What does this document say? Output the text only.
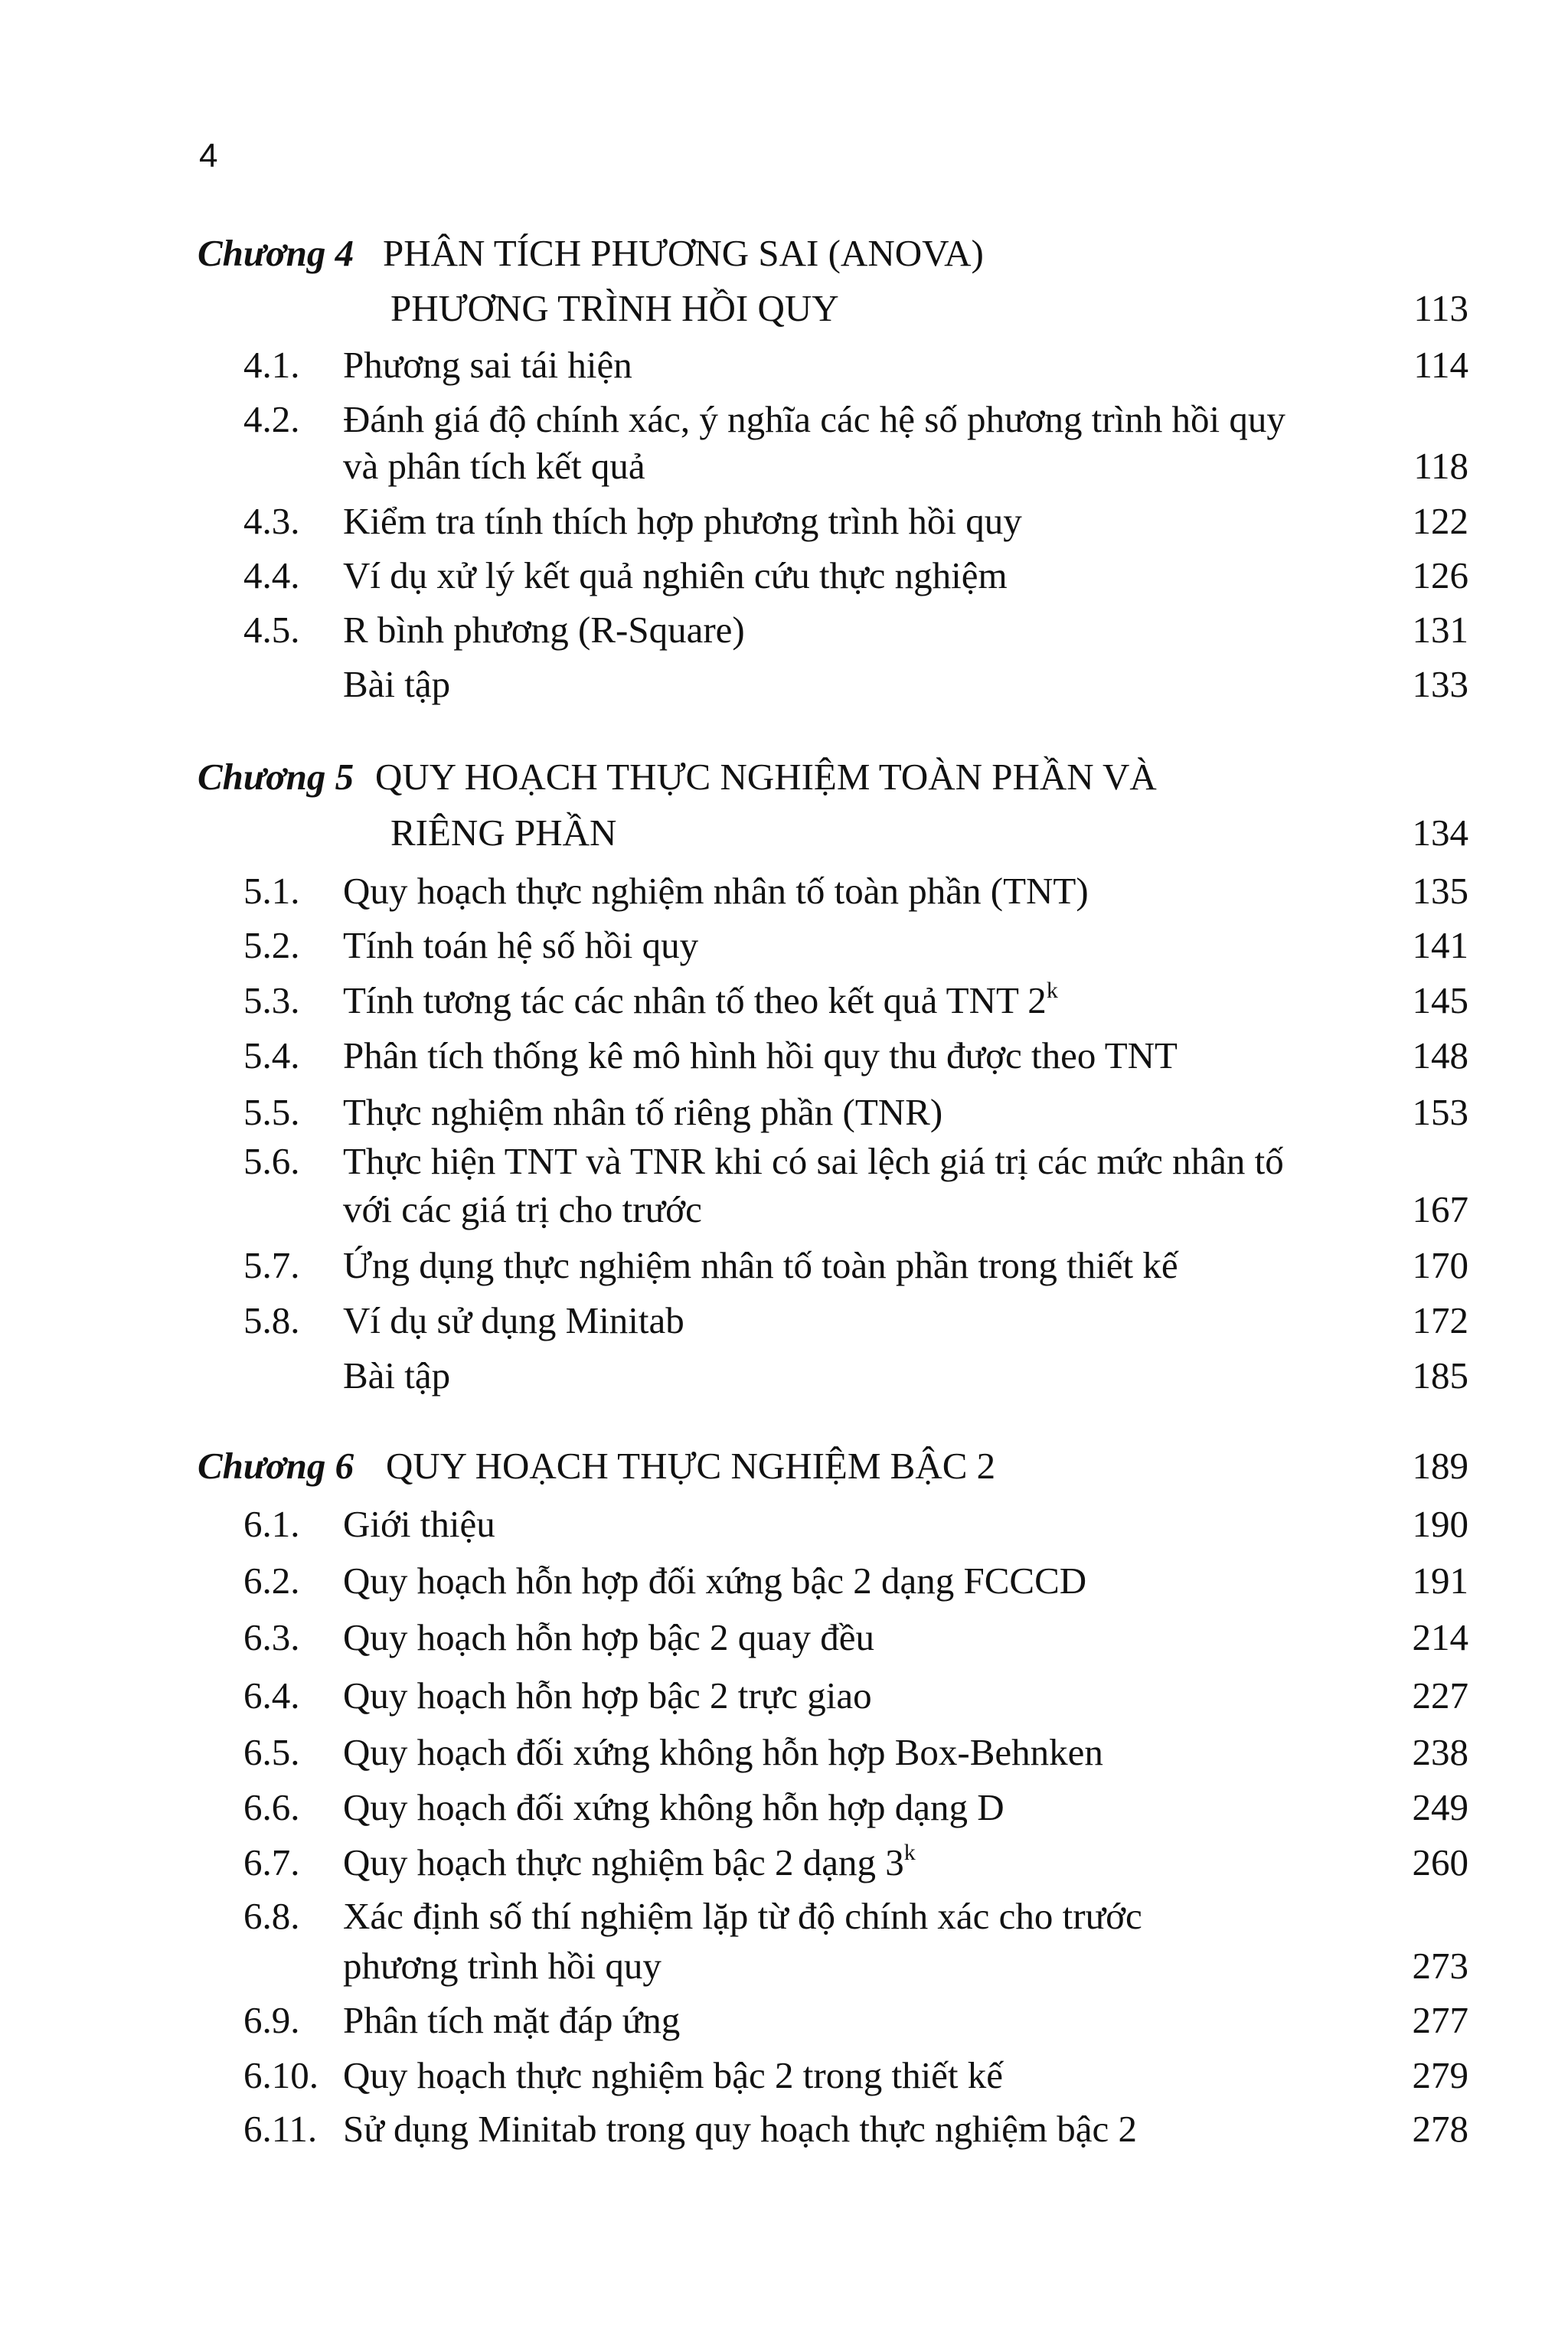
4
Chương 4 PHÂN TÍCH PHƯƠNG SAI (ANOVA)
PHƯƠNG TRÌNH HỒI QUY	113
4.1. Phương sai tái hiện	114
4.2. Đánh giá độ chính xác, ý nghĩa các hệ số phương trình hồi quy
và phân tích kết quả	118
4.3. Kiểm tra tính thích hợp phương trình hồi quy	122
4.4. Ví dụ xử lý kết quả nghiên cứu thực nghiệm	126
4.5. R bình phương (R-Square)	131
Bài tập	133
Chương 5 QUY HOẠCH THỰC NGHIỆM TOÀN PHẦN VÀ
RIÊNG PHẦN	134
5.1. Quy hoạch thực nghiệm nhân tố toàn phần (TNT)	135
5.2. Tính toán hệ số hồi quy	141
5.3. Tính tương tác các nhân tố theo kết quả TNT 2$^k$	145
5.4. Phân tích thống kê mô hình hồi quy thu được theo TNT	148
5.5. Thực nghiệm nhân tố riêng phần (TNR)	153
5.6. Thực hiện TNT và TNR khi có sai lệch giá trị các mức nhân tố
với các giá trị cho trước	167
5.7. Ứng dụng thực nghiệm nhân tố toàn phần trong thiết kế	170
5.8. Ví dụ sử dụng Minitab	172
Bài tập	185
Chương 6 QUY HOẠCH THỰC NGHIỆM BẬC 2	189
6.1. Giới thiệu	190
6.2. Quy hoạch hỗn hợp đối xứng bậc 2 dạng FCCCD	191
6.3. Quy hoạch hỗn hợp bậc 2 quay đều	214
6.4. Quy hoạch hỗn hợp bậc 2 trực giao	227
6.5. Quy hoạch đối xứng không hỗn hợp Box-Behnken	238
6.6. Quy hoạch đối xứng không hỗn hợp dạng D	249
6.7. Quy hoạch thực nghiệm bậc 2 dạng 3$^k$	260
6.8. Xác định số thí nghiệm lặp từ độ chính xác cho trước
phương trình hồi quy	273
6.9. Phân tích mặt đáp ứng	277
6.10. Quy hoạch thực nghiệm bậc 2 trong thiết kế	279
6.11. Sử dụng Minitab trong quy hoạch thực nghiệm bậc 2	278
